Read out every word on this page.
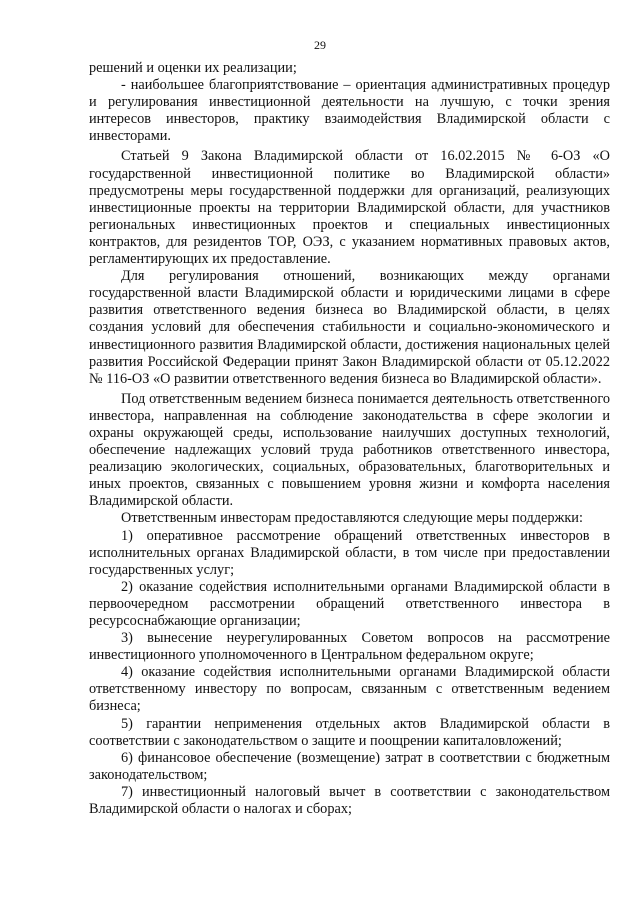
29

решений и оценки их реализации;

- наибольшее благоприятствование – ориентация административных процедур и регулирования инвестиционной деятельности на лучшую, с точки зрения интересов инвесторов, практику взаимодействия Владимирской области с инвесторами.

Статьей 9 Закона Владимирской области от 16.02.2015 № 6-ОЗ «О государственной инвестиционной политике во Владимирской области» предусмотрены меры государственной поддержки для организаций, реализующих инвестиционные проекты на территории Владимирской области, для участников региональных инвестиционных проектов и специальных инвестиционных контрактов, для резидентов ТОР, ОЭЗ, с указанием нормативных правовых актов, регламентирующих их предоставление.

Для регулирования отношений, возникающих между органами государственной власти Владимирской области и юридическими лицами в сфере развития ответственного ведения бизнеса во Владимирской области, в целях создания условий для обеспечения стабильности и социально-экономического и инвестиционного развития Владимирской области, достижения национальных целей развития Российской Федерации принят Закон Владимирской области от 05.12.2022 № 116-ОЗ «О развитии ответственного ведения бизнеса во Владимирской области».

Под ответственным ведением бизнеса понимается деятельность ответственного инвестора, направленная на соблюдение законодательства в сфере экологии и охраны окружающей среды, использование наилучших доступных технологий, обеспечение надлежащих условий труда работников ответственного инвестора, реализацию экологических, социальных, образовательных, благотворительных и иных проектов, связанных с повышением уровня жизни и комфорта населения Владимирской области.

Ответственным инвесторам предоставляются следующие меры поддержки:

1) оперативное рассмотрение обращений ответственных инвесторов в исполнительных органах Владимирской области, в том числе при предоставлении государственных услуг;

2) оказание содействия исполнительными органами Владимирской области в первоочередном рассмотрении обращений ответственного инвестора в ресурсоснабжающие организации;

3) вынесение неурегулированных Советом вопросов на рассмотрение инвестиционного уполномоченного в Центральном федеральном округе;

4) оказание содействия исполнительными органами Владимирской области ответственному инвестору по вопросам, связанным с ответственным ведением бизнеса;

5) гарантии неприменения отдельных актов Владимирской области в соответствии с законодательством о защите и поощрении капиталовложений;

6) финансовое обеспечение (возмещение) затрат в соответствии с бюджетным законодательством;

7) инвестиционный налоговый вычет в соответствии с законодательством Владимирской области о налогах и сборах;
